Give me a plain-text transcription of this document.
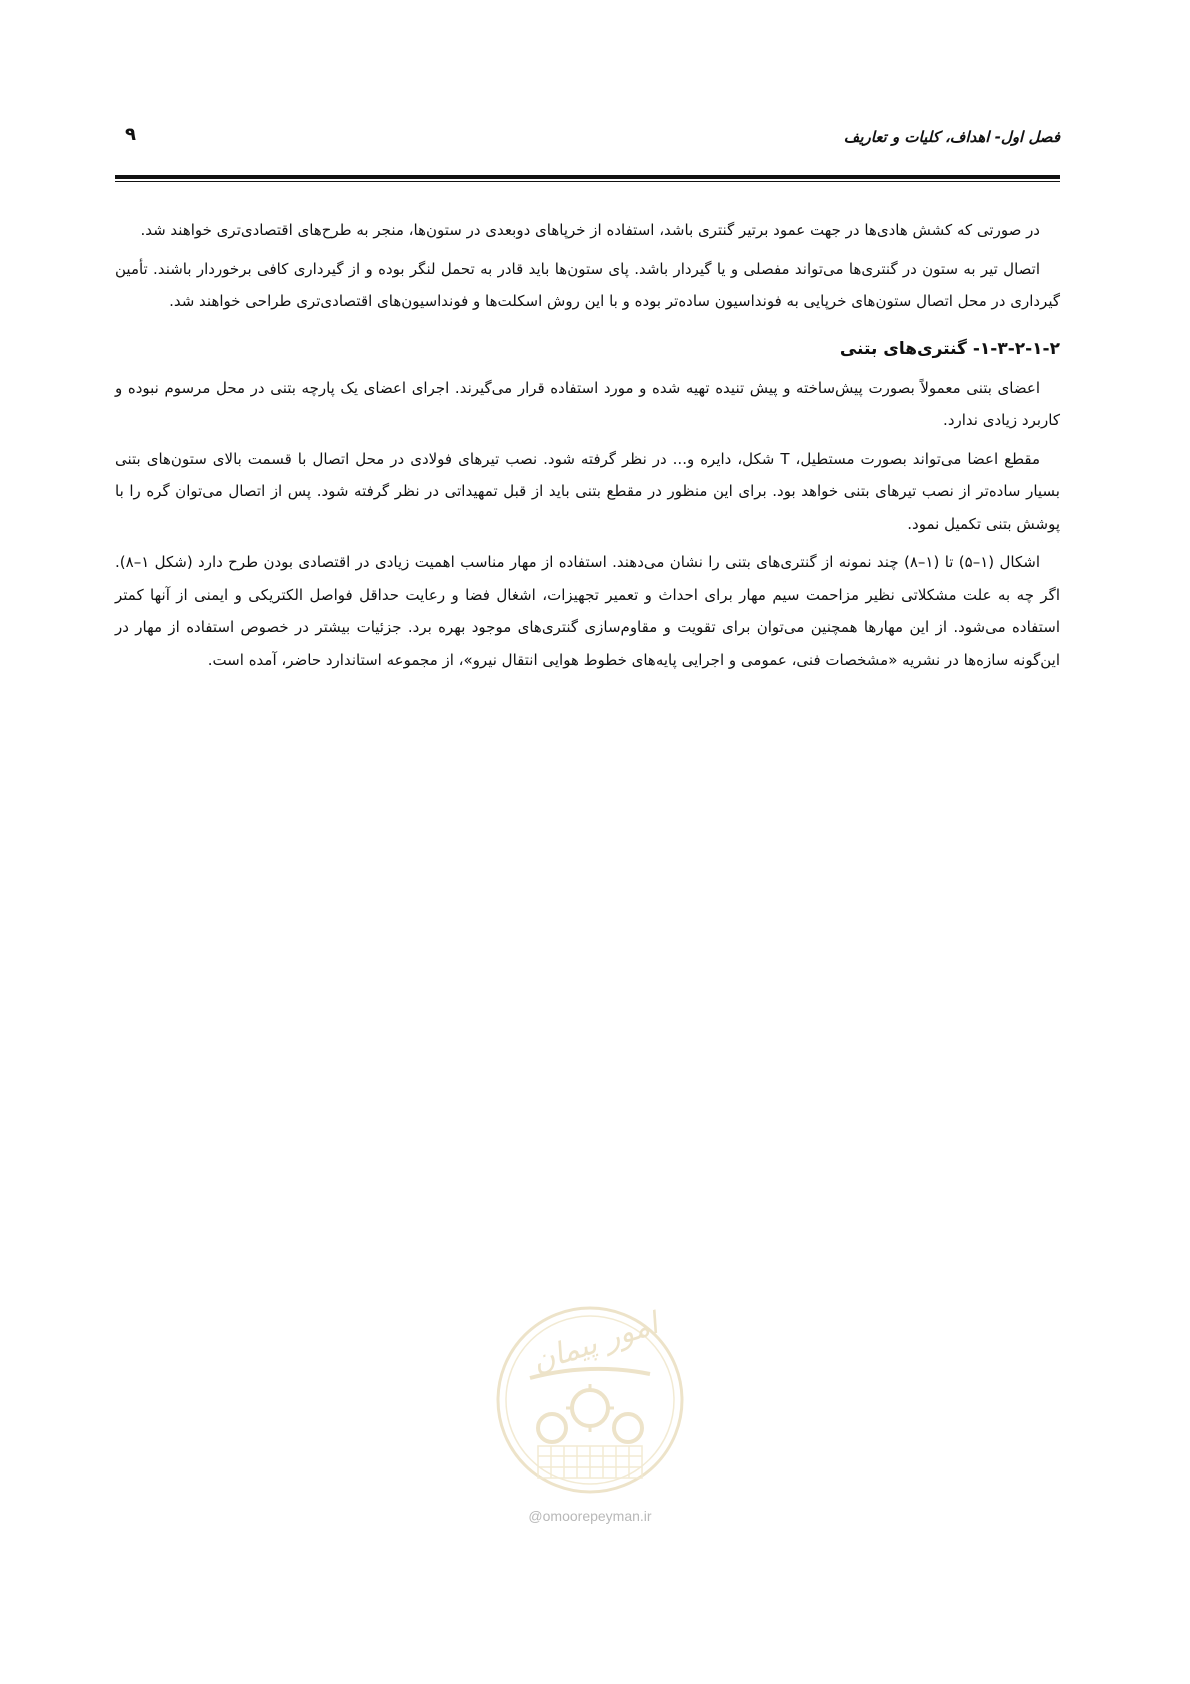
فصل اول- اهداف، کلیات و تعاریف
۹

در صورتی که کشش هادی‌ها در جهت عمود برتیر گنتری باشد، استفاده از خرپاهای دوبعدی در ستون‌ها، منجر به طرح‌های اقتصادی‌تری خواهند شد.

اتصال تیر به ستون در گنتری‌ها می‌تواند مفصلی و یا گیردار باشد. پای ستون‌ها باید قادر به تحمل لنگر بوده و از گیرداری کافی برخوردار باشند. تأمین گیرداری در محل اتصال ستون‌های خرپایی به فونداسیون ساده‌تر بوده و با این روش اسکلت‌ها و فونداسیون‌های اقتصادی‌تری طراحی خواهند شد.

۱-۳-۲-۱-۲- گنتری‌های بتنی

اعضای بتنی معمولاً بصورت پیش‌ساخته و پیش تنیده تهیه شده و مورد استفاده قرار می‌گیرند. اجرای اعضای یک پارچه بتنی در محل مرسوم نبوده و کاربرد زیادی ندارد.

مقطع اعضا می‌تواند بصورت مستطیل، T شکل، دایره و... در نظر گرفته شود. نصب تیرهای فولادی در محل اتصال با قسمت بالای ستون‌های بتنی بسیار ساده‌تر از نصب تیرهای بتنی خواهد بود. برای این منظور در مقطع بتنی باید از قبل تمهیداتی در نظر گرفته شود. پس از اتصال می‌توان گره را با پوشش بتنی تکمیل نمود.

اشکال (۱–۵) تا (۱–۸) چند نمونه از گنتری‌های بتنی را نشان می‌دهند. استفاده از مهار مناسب اهمیت زیادی در اقتصادی بودن طرح دارد (شکل ۱–۸). اگر چه به علت مشکلاتی نظیر مزاحمت سیم مهار برای احداث و تعمیر تجهیزات، اشغال فضا و رعایت حداقل فواصل الکتریکی و ایمنی از آنها کمتر استفاده می‌شود. از این مهارها همچنین می‌توان برای تقویت و مقاوم‌سازی گنتری‌های موجود بهره برد. جزئیات بیشتر در خصوص استفاده از مهار در این‌گونه سازه‌ها در نشریه «مشخصات فنی، عمومی و اجرایی پایه‌های خطوط هوایی انتقال نیرو»، از مجموعه استاندارد حاضر، آمده است.

امور پیمان
@omoorepeyman.ir
